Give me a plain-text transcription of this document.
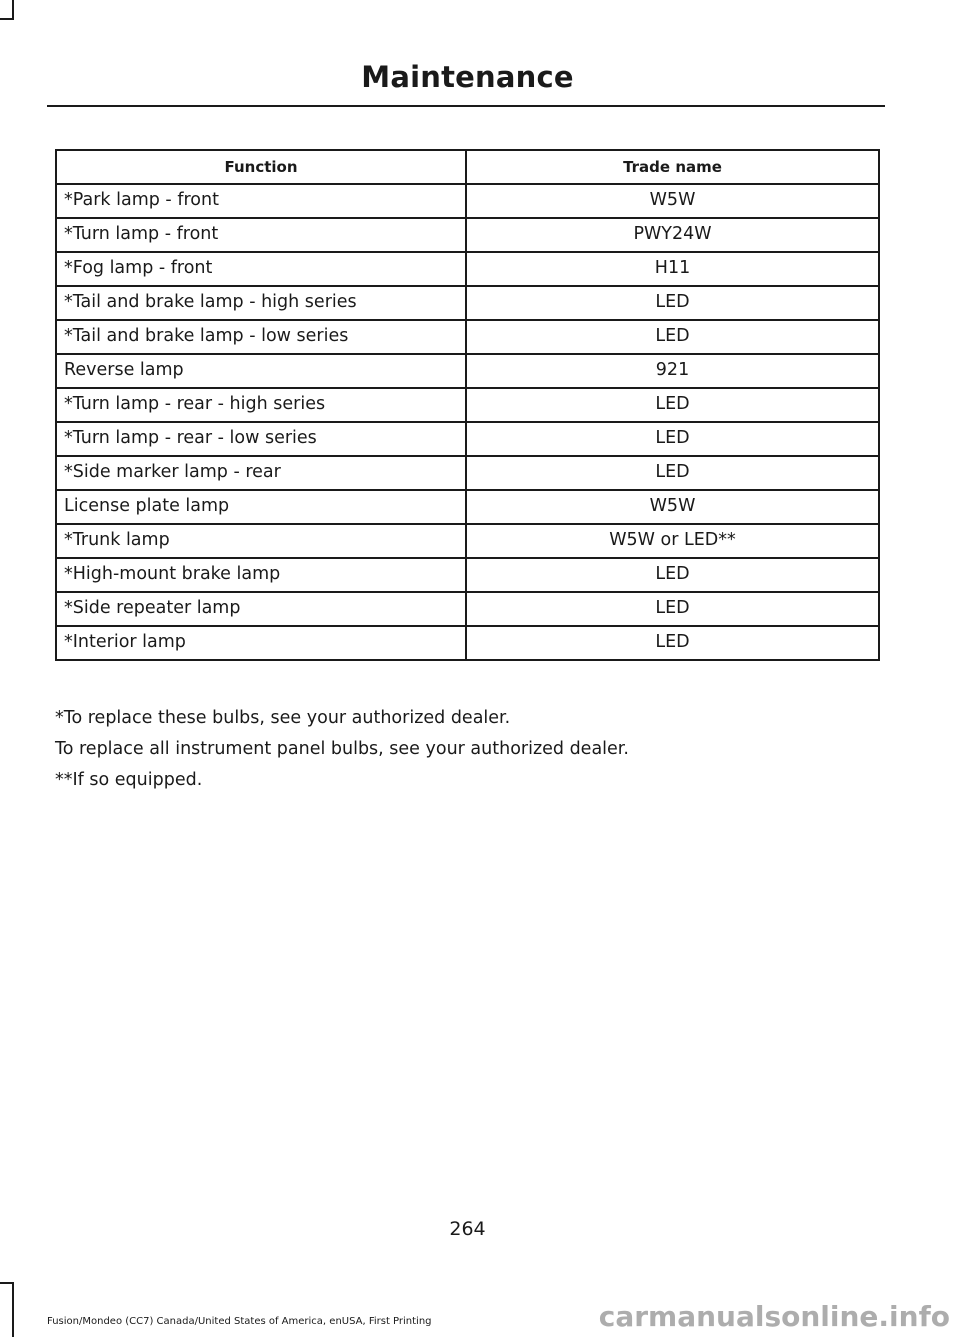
Maintenance
Function	Trade name
*Park lamp - front	W5W
*Turn lamp - front	PWY24W
*Fog lamp - front	H11
*Tail and brake lamp - high series	LED
*Tail and brake lamp - low series	LED
Reverse lamp	921
*Turn lamp - rear - high series	LED
*Turn lamp - rear - low series	LED
*Side marker lamp - rear	LED
License plate lamp	W5W
*Trunk lamp	W5W or LED**
*High-mount brake lamp	LED
*Side repeater lamp	LED
*Interior lamp	LED
*To replace these bulbs, see your authorized dealer.
To replace all instrument panel bulbs, see your authorized dealer.
**If so equipped.
264
Fusion/Mondeo (CC7) Canada/United States of America, enUSA, First Printing	carmanualsonline.info
